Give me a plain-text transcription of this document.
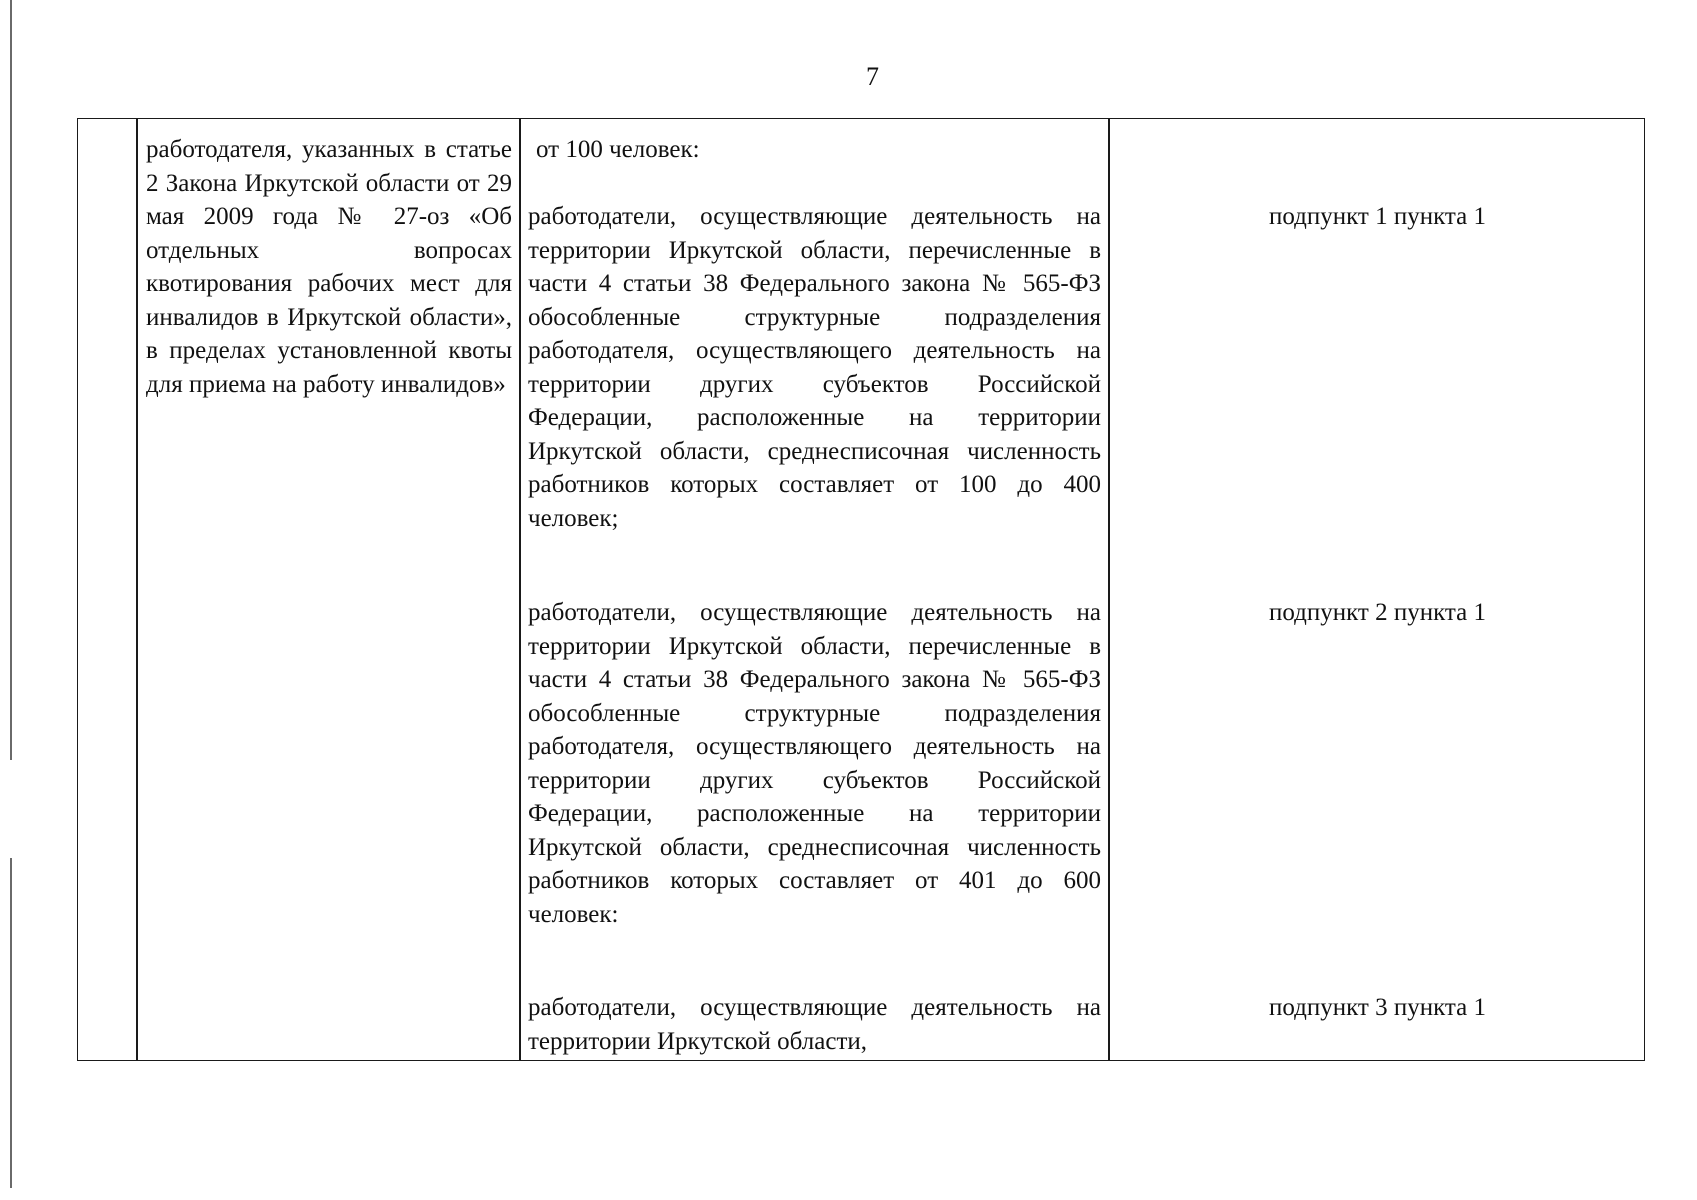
7

работодателя, указанных в статье 2 Закона Иркутской области от 29 мая 2009 года № 27-оз «Об отдельных вопросах квотирования рабочих мест для инвалидов в Иркутской области», в пределах установленной квоты для приема на работу инвалидов»

от 100 человек:

работодатели, осуществляющие деятельность на территории Иркутской области, перечисленные в части 4 статьи 38 Федерального закона № 565-ФЗ обособленные структурные подразделения работодателя, осуществляющего деятельность на территории других субъектов Российской Федерации, расположенные на территории Иркутской области, среднесписочная численность работников которых составляет от 100 до 400 человек;

работодатели, осуществляющие деятельность на территории Иркутской области, перечисленные в части 4 статьи 38 Федерального закона № 565-ФЗ обособленные структурные подразделения работодателя, осуществляющего деятельность на территории других субъектов Российской Федерации, расположенные на территории Иркутской области, среднесписочная численность работников которых составляет от 401 до 600 человек:

работодатели, осуществляющие деятельность на территории Иркутской области,

подпункт 1 пункта 1

подпункт 2 пункта 1

подпункт 3 пункта 1
